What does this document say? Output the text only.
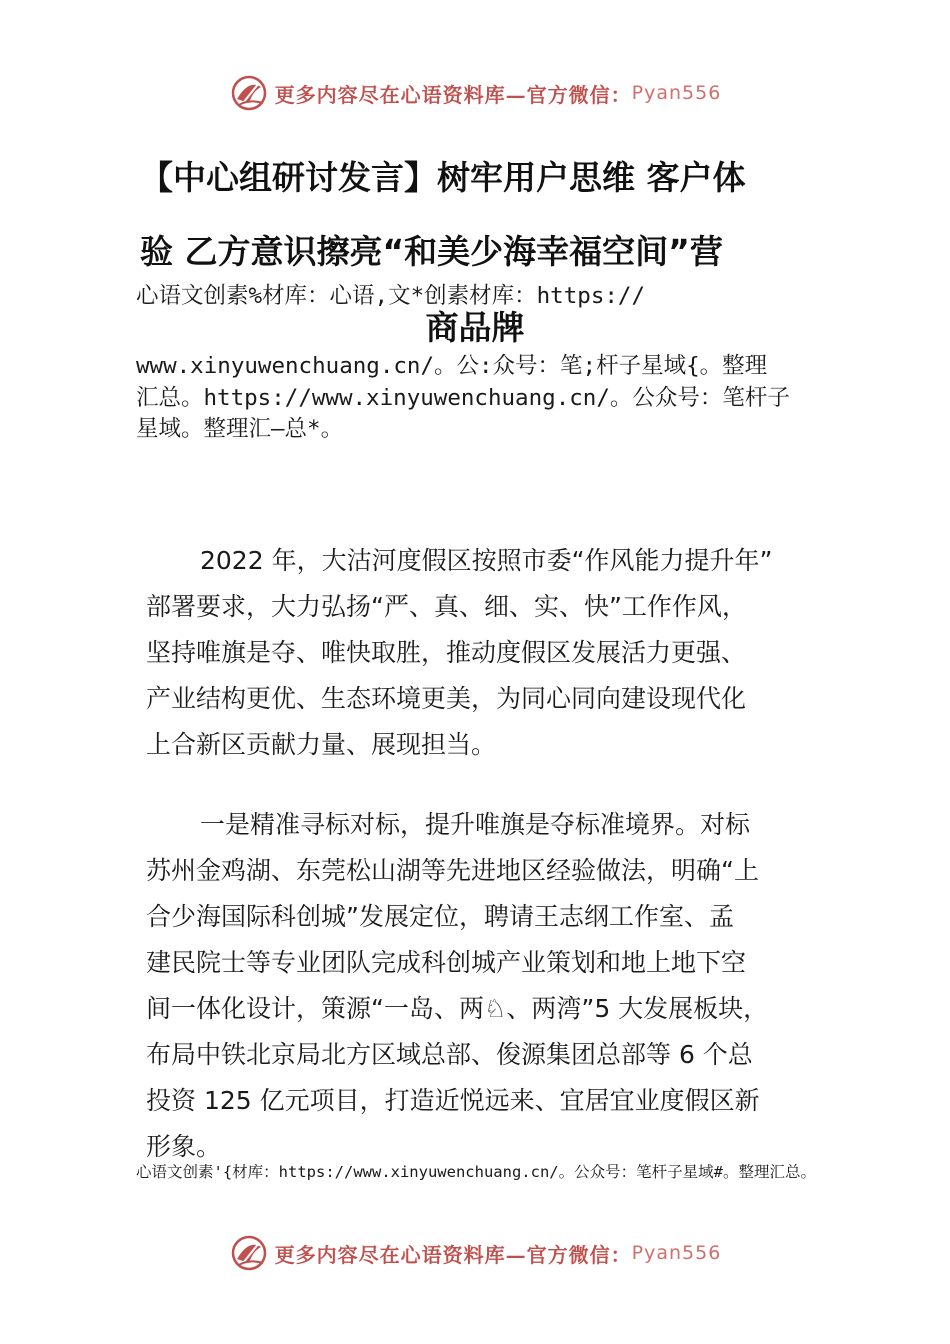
更多内容尽在心语资料库—官方微信： Pyan556
【中心组研讨发言】树牢用户思维 客户体
心语文创素%材库：心语,文*创素材库：https://
验 乙方意识擦亮“和美少海幸福空间”营
商品牌
www.xinyuwenchuang.cn/。公:众号：笔;杆子星域{。整理
汇总。https://www.xinyuwenchuang.cn/。公众号：笔杆子
星域。整理汇—总*。
2022 年，大沽河度假区按照市委“作风能力提升年”
部署要求，大力弘扬“严、真、细、实、快”工作作风，
坚持唯旗是夺、唯快取胜，推动度假区发展活力更强、
产业结构更优、生态环境更美，为同心同向建设现代化
上合新区贡献力量、展现担当。
一是精准寻标对标，提升唯旗是夺标准境界。对标
苏州金鸡湖、东莞松山湖等先进地区经验做法，明确“上
合少海国际科创城”发展定位，聘请王志纲工作室、孟
建民院士等专业团队完成科创城产业策划和地上地下空
间一体化设计，策源“一岛、两♘、两湾”5 大发展板块，
布局中铁北京局北方区域总部、俊源集团总部等 6 个总
投资 125 亿元项目，打造近悦远来、宜居宜业度假区新
形象。
心语文创素'{材库：https://www.xinyuwenchuang.cn/。公众号：笔杆子星域#。整理汇总。
更多内容尽在心语资料库—官方微信： Pyan556
